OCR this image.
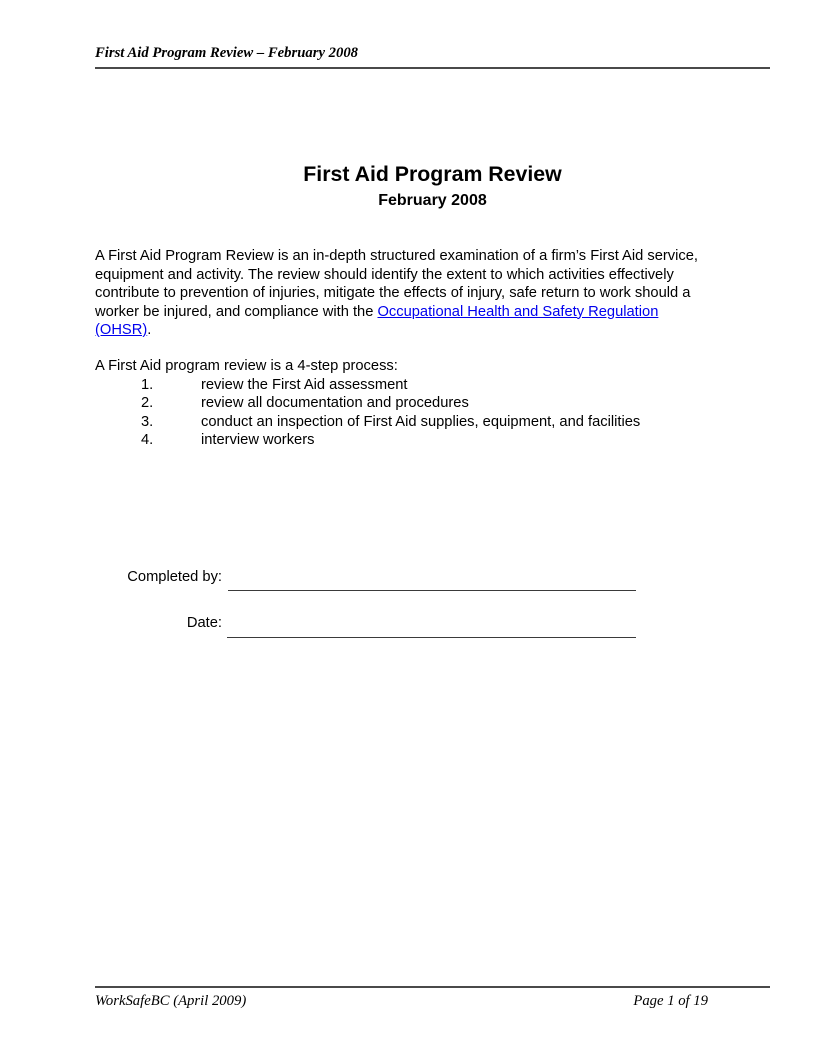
First Aid Program Review – February 2008
First Aid Program Review
February 2008
A First Aid Program Review is an in-depth structured examination of a firm’s First Aid service,
equipment and activity. The review should identify the extent to which activities effectively
contribute to prevention of injuries, mitigate the effects of injury, safe return to work should a
worker be injured, and compliance with the Occupational Health and Safety Regulation
(OHSR).
A First Aid program review is a 4-step process:
1.	review the First Aid assessment
2.	review all documentation and procedures
3.	conduct an inspection of First Aid supplies, equipment, and facilities
4.	interview workers
Completed by:
Date:
WorkSafeBC (April 2009)	Page 1 of 19
